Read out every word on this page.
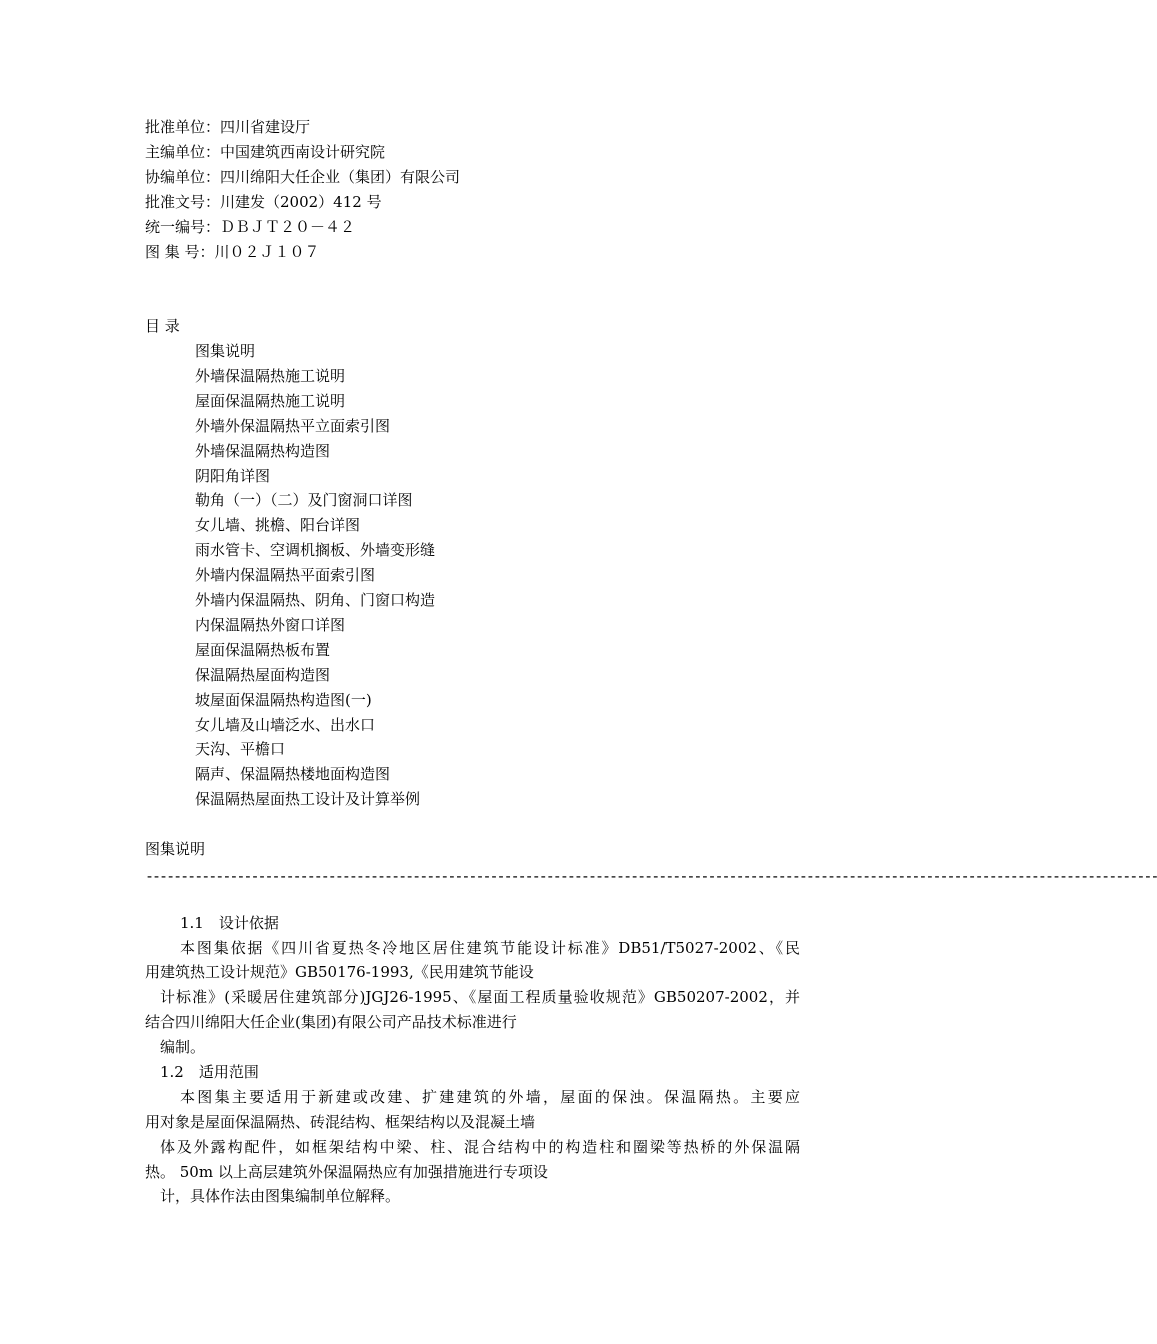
批准单位：四川省建设厅
主编单位：中国建筑西南设计研究院
协编单位：四川绵阳大任企业（集团）有限公司
批准文号：川建发（2002）412 号
统一编号：ＤＢＪＴ２０－４２
图 集 号：川０２Ｊ１０７
目 录
图集说明
外墙保温隔热施工说明
屋面保温隔热施工说明
外墙外保温隔热平立面索引图
外墙保温隔热构造图
阴阳角详图
勒角（一）（二）及门窗洞口详图
女儿墙、挑檐、阳台详图
雨水管卡、空调机搁板、外墙变形缝
外墙内保温隔热平面索引图
外墙内保温隔热、阴角、门窗口构造
内保温隔热外窗口详图
屋面保温隔热板布置
保温隔热屋面构造图
坡屋面保温隔热构造图(一)
女儿墙及山墙泛水、出水口
天沟、平檐口
隔声、保温隔热楼地面构造图
保温隔热屋面热工设计及计算举例
图集说明
------------------------------------------------------------------------------------------------------------------------------------------------
1.1　设计依据
本图集依据《四川省夏热冬冷地区居住建筑节能设计标准》DB51/T5027-2002、《民
用建筑热工设计规范》GB50176-1993,《民用建筑节能设
计标准》(采暖居住建筑部分)JGJ26-1995、《屋面工程质量验收规范》GB50207-2002，并
结合四川绵阳大任企业(集团)有限公司产品技术标准进行
编制。
1.2　适用范围
本图集主要适用于新建或改建、扩建建筑的外墙，屋面的保浊。保温隔热。主要应
用对象是屋面保温隔热、砖混结构、框架结构以及混凝土墙
体及外露构配件，如框架结构中梁、柱、混合结构中的构造柱和圈梁等热桥的外保温隔
热。 50m 以上高层建筑外保温隔热应有加强措施进行专项设
计，具体作法由图集编制单位解释。
